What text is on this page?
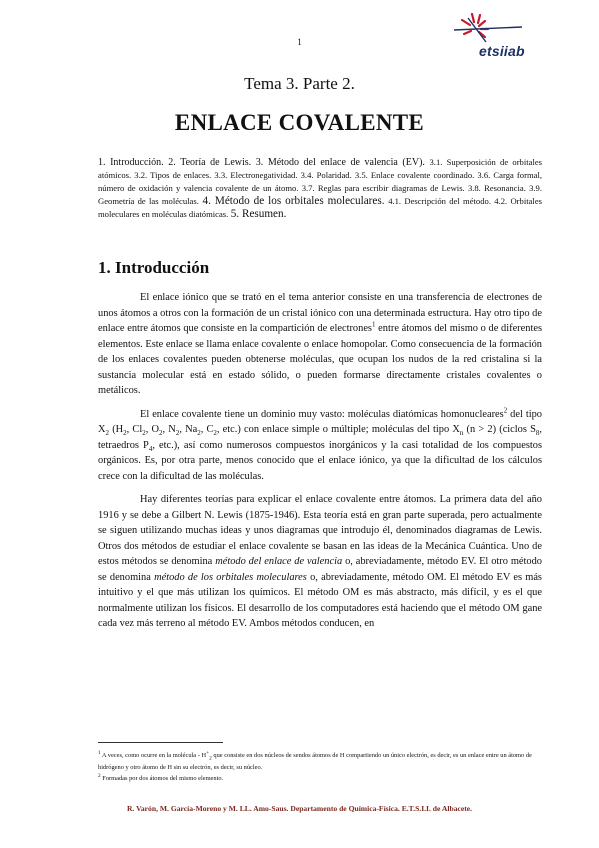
1
etsiiab
Tema 3. Parte 2.
ENLACE COVALENTE
1. Introducción. 2. Teoría de Lewis. 3. Método del enlace de valencia (EV). 3.1. Superposición de orbitales atómicos. 3.2. Tipos de enlaces. 3.3. Electronegatividad. 3.4. Polaridad. 3.5. Enlace covalente coordinado. 3.6. Carga formal, número de oxidación y valencia covalente de un átomo. 3.7. Reglas para escribir diagramas de Lewis. 3.8. Resonancia. 3.9. Geometría de las moléculas. 4. Método de los orbitales moleculares. 4.1. Descripción del método. 4.2. Orbitales moleculares en moléculas diatómicas. 5. Resumen.
1. Introducción

El enlace iónico que se trató en el tema anterior consiste en una transferencia de electrones de unos átomos a otros con la formación de un cristal iónico con una determinada estructura. Hay otro tipo de enlace entre átomos que consiste en la compartición de electrones$^1$ entre átomos del mismo o de diferentes elementos. Este enlace se llama enlace covalente o enlace homopolar. Como consecuencia de la formación de los enlaces covalentes pueden obtenerse moléculas, que ocupan los nudos de la red cristalina si la sustancia molecular está en estado sólido, o pueden formarse directamente cristales covalentes o metálicos.

El enlace covalente tiene un dominio muy vasto: moléculas diatómicas homonucleares$^2$ del tipo $X_2$ ($H_2$, $Cl_2$, $O_2$, $N_2$, $Na_2$, $C_2$, etc.) con enlace simple o múltiple; moléculas del tipo $X_n$ (n > 2) (ciclos $S_8$, tetraedros $P_4$, etc.), así como numerosos compuestos inorgánicos y la casi totalidad de los compuestos orgánicos. Es, por otra parte, menos conocido que el enlace iónico, ya que la dificultad de los cálculos crece con la dificultad de las moléculas.

Hay diferentes teorías para explicar el enlace covalente entre átomos. La primera data del año 1916 y se debe a Gilbert N. Lewis (1875-1946). Esta teoría está en gran parte superada, pero actualmente se siguen utilizando muchas ideas y unos diagramas que introdujo él, denominados diagramas de Lewis. Otros dos métodos de estudiar el enlace covalente se basan en las ideas de la Mecánica Cuántica. Uno de estos métodos se denomina método del enlace de valencia o, abreviadamente, método EV. El otro método se denomina método de los orbitales moleculares o, abreviadamente, método OM. El método EV es más intuitivo y el que más utilizan los químicos. El método OM es más abstracto, más difícil, y es el que normalmente utilizan los físicos. El desarrollo de los computadores está haciendo que el método OM gane cada vez más terreno al método EV. Ambos métodos conducen, en

$^1$ A veces, como ocurre en la molécula - $H^+_2$ que consiste en dos núcleos de sendos átomos de H compartiendo un único electrón, es decir, es un enlace entre un átomo de hidrógeno y otro átomo de H sin su electrón, es decir, su núcleo.

$^2$ Formadas por dos átomos del mismo elemento.

R. Varón, M. García-Moreno y M. LL. Amo-Saus. Departamento de Química-Física. E.T.S.I.I. de Albacete.
